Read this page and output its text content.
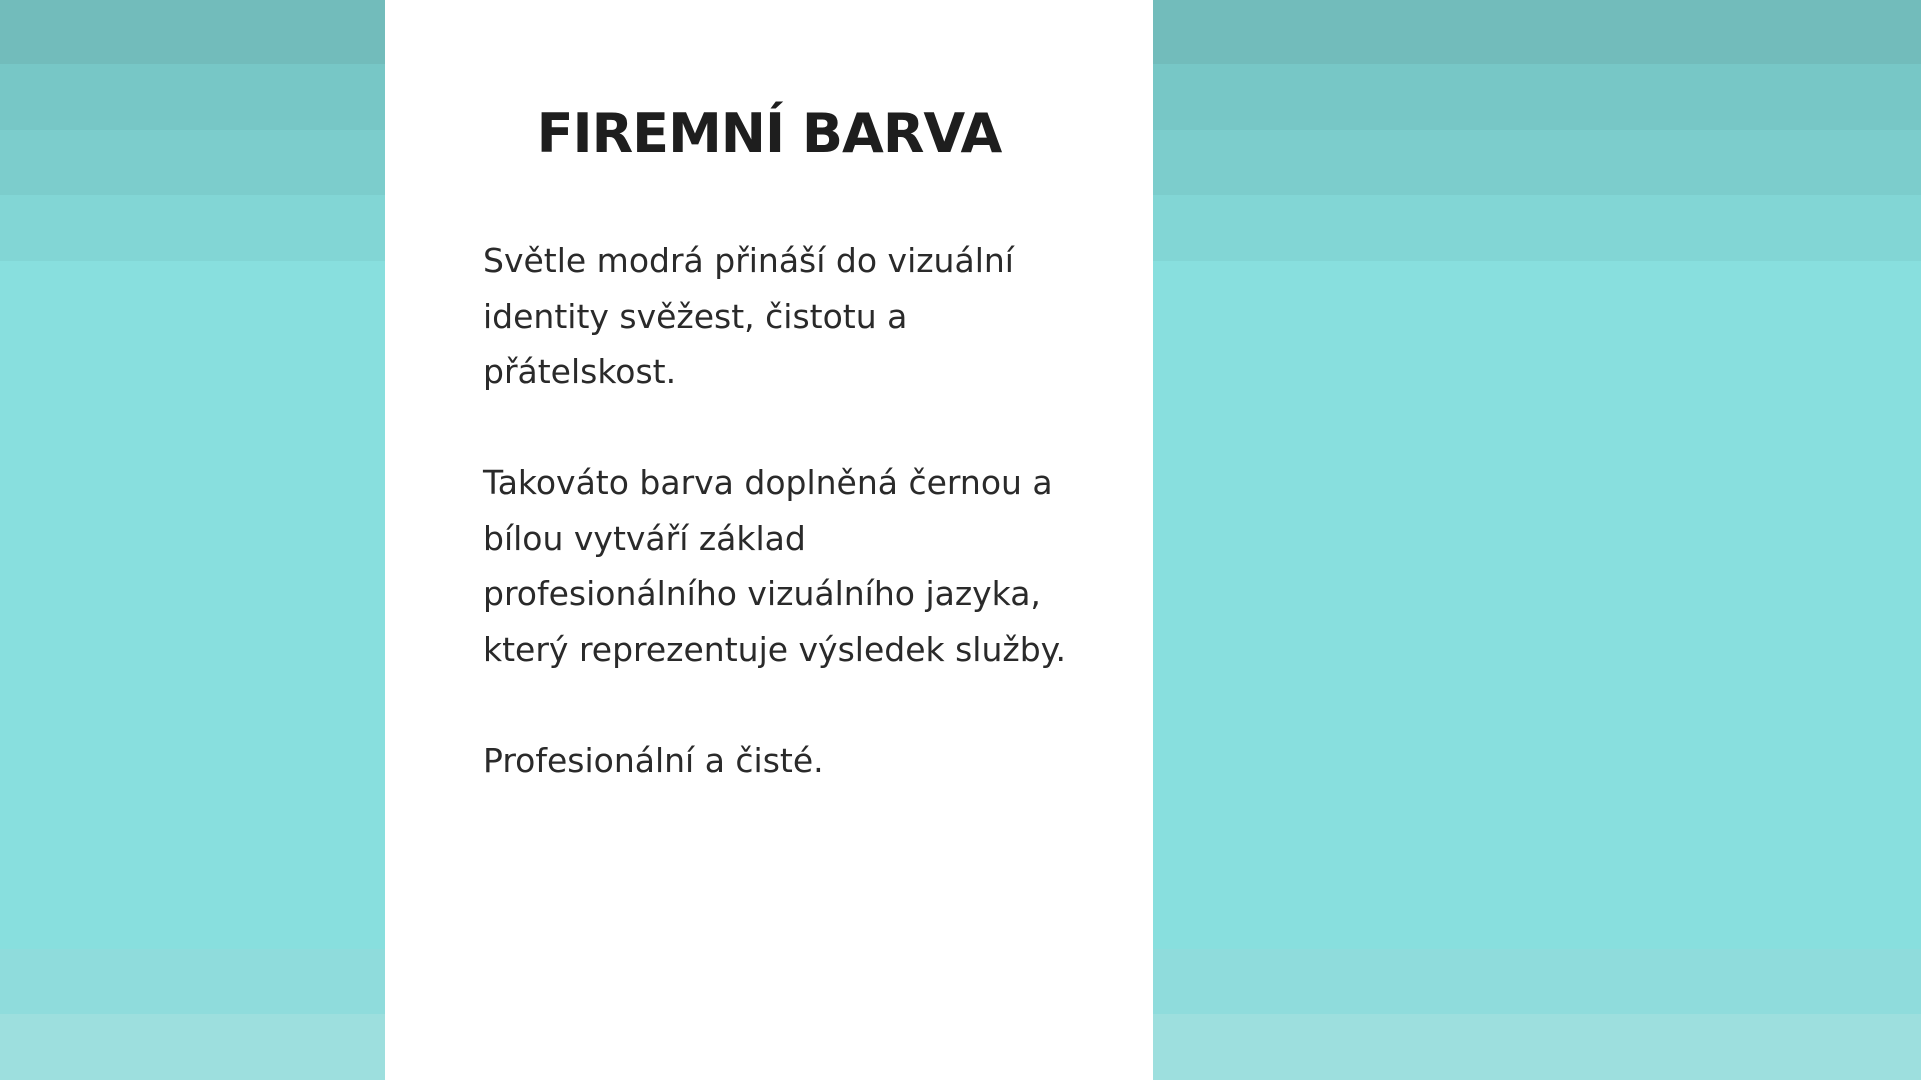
FIREMNÍ BARVA

Světle modrá přináší do vizuální
identity svěžest, čistotu a
přátelskost.

Takováto barva doplněná černou a
bílou vytváří základ
profesionálního vizuálního jazyka,
který reprezentuje výsledek služby.

Profesionální a čisté.
